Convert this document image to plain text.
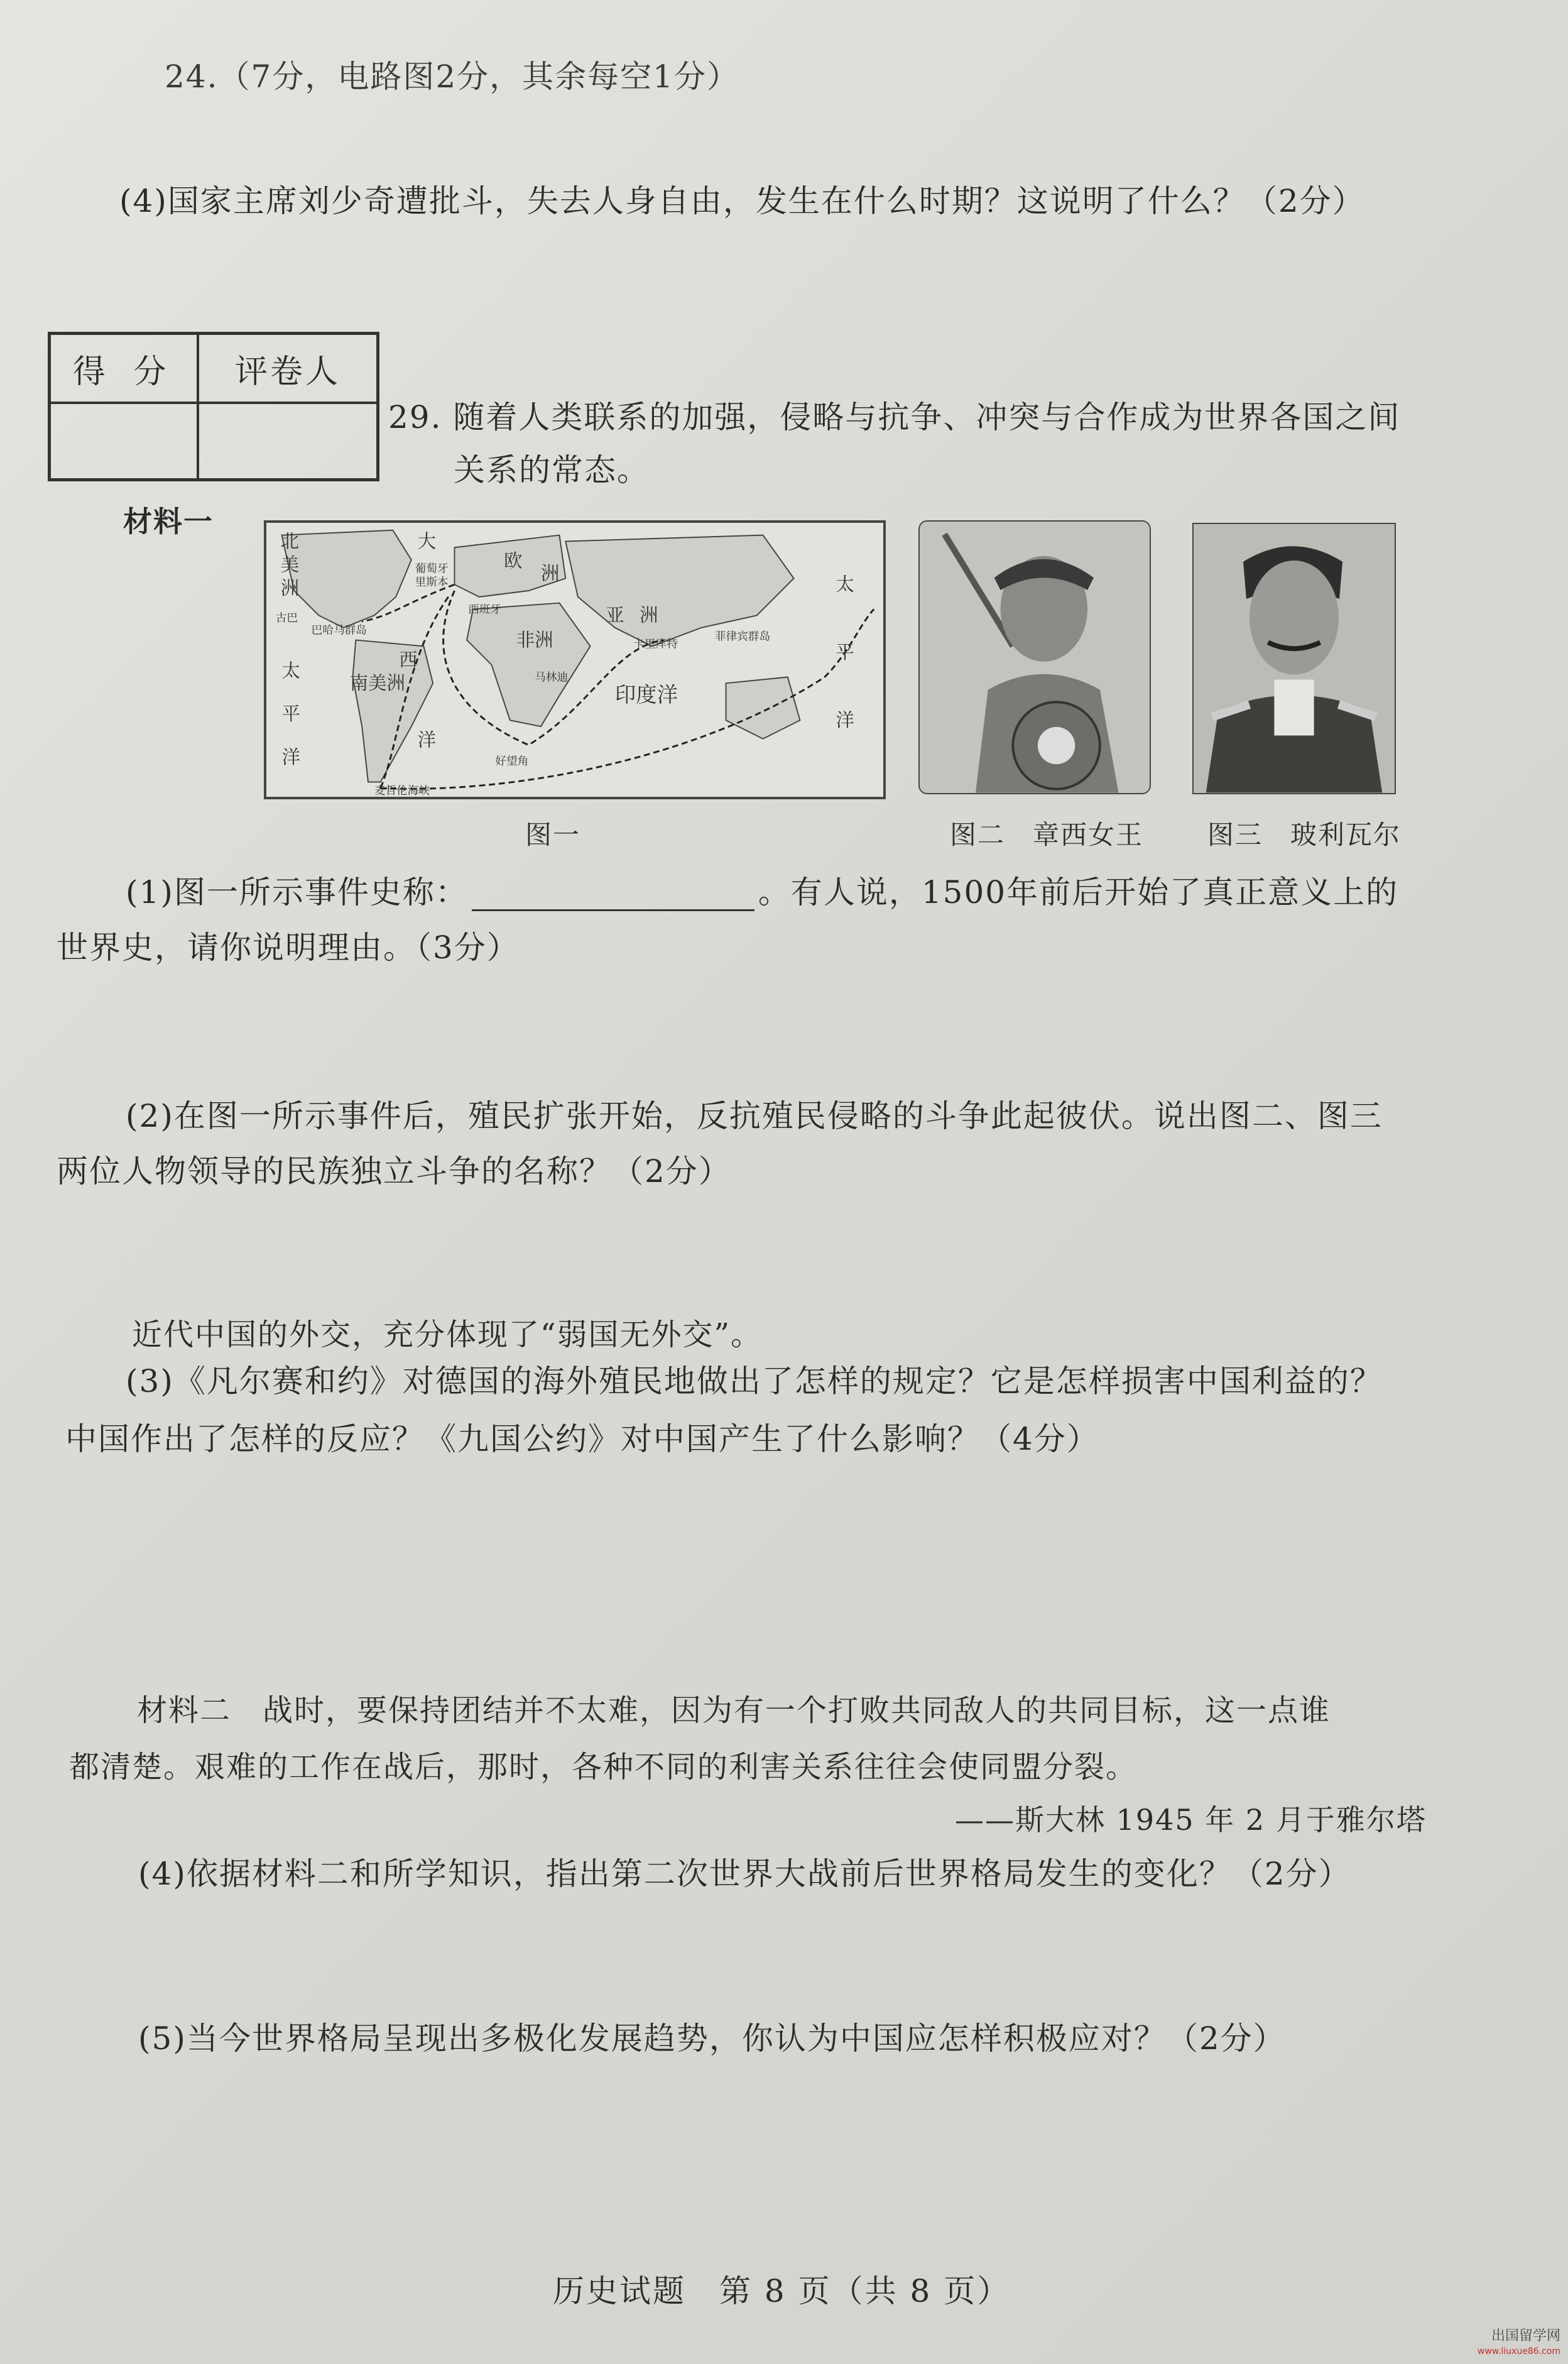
24.（7分，电路图2分，其余每空1分）
(4)国家主席刘少奇遭批斗，失去人身自由，发生在什么时期？这说明了什么？（2分）
得 分	评卷人
29. 随着人类联系的加强，侵略与抗争、冲突与合作成为世界各国之间
关系的常态。
材料一
北
美
洲
大
西
洋
欧
洲
亚 洲
非洲
南美洲	印度洋
太
平
洋
太
平
洋
葡萄牙
里斯本
西班牙
古巴
巴哈马群岛
卡里库特
菲律宾群岛
马林迪
好望角
麦哲伦海峡
图一	图二　章西女王 图三　玻利瓦尔
(1)图一所示事件史称：	。有人说，1500年前后开始了真正意义上的
世界史，请你说明理由。（3分）
(2)在图一所示事件后，殖民扩张开始，反抗殖民侵略的斗争此起彼伏。说出图二、图三
两位人物领导的民族独立斗争的名称？（2分）
近代中国的外交，充分体现了“弱国无外交”。
(3)《凡尔赛和约》对德国的海外殖民地做出了怎样的规定？它是怎样损害中国利益的？
中国作出了怎样的反应？《九国公约》对中国产生了什么影响？（4分）
材料二　战时，要保持团结并不太难，因为有一个打败共同敌人的共同目标，这一点谁
都清楚。艰难的工作在战后，那时，各种不同的利害关系往往会使同盟分裂。
——斯大林 1945 年 2 月于雅尔塔
(4)依据材料二和所学知识，指出第二次世界大战前后世界格局发生的变化？（2分）
(5)当今世界格局呈现出多极化发展趋势，你认为中国应怎样积极应对？（2分）
历史试题　第 8 页（共 8 页）
出国留学网
www.liuxue86.com
